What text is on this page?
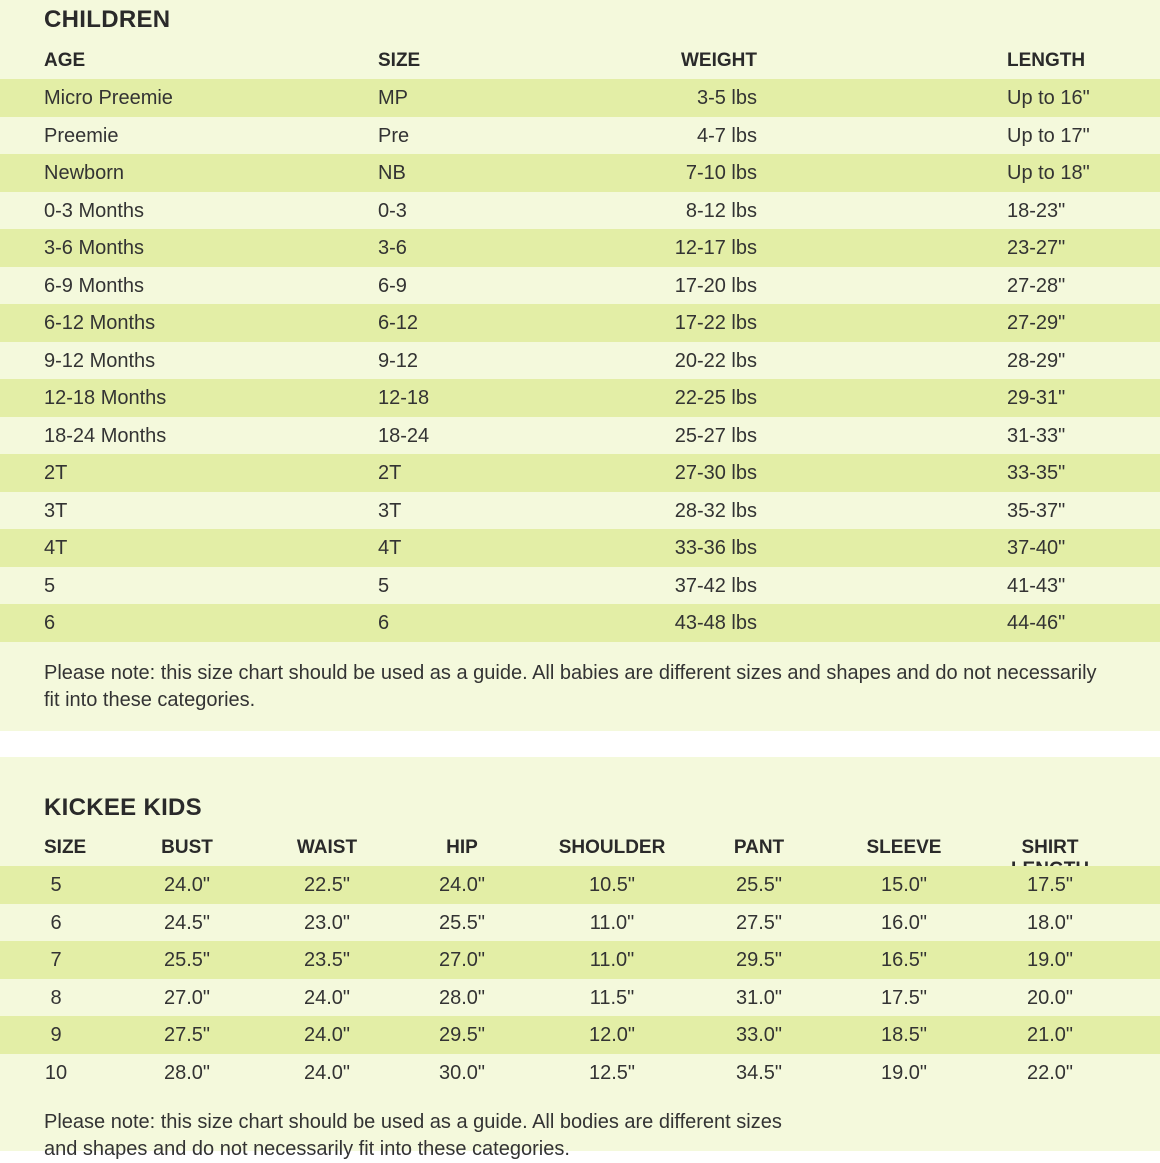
CHILDREN
AGE	SIZE	WEIGHT	LENGTH
Micro Preemie	MP	3-5 lbs	Up to 16"
Preemie	Pre	4-7 lbs	Up to 17"
Newborn	NB	7-10 lbs	Up to 18"
0-3 Months	0-3	8-12 lbs	18-23"
3-6 Months	3-6	12-17 lbs	23-27"
6-9 Months	6-9	17-20 lbs	27-28"
6-12 Months	6-12	17-22 lbs	27-29"
9-12 Months	9-12	20-22 lbs	28-29"
12-18 Months	12-18	22-25 lbs	29-31"
18-24 Months	18-24	25-27 lbs	31-33"
2T	2T	27-30 lbs	33-35"
3T	3T	28-32 lbs	35-37"
4T	4T	33-36 lbs	37-40"
5	5	37-42 lbs	41-43"
6	6	43-48 lbs	44-46"
Please note: this size chart should be used as a guide. All babies are different sizes and shapes and do not necessarily fit into these categories.
KICKEE KIDS
SIZE	BUST	WAIST	HIP	SHOULDER	PANT	SLEEVE	SHIRT
5	24.0"	22.5"	24.0"	10.5"	25.5"	15.0"	17.5"
6	24.5"	23.0"	25.5"	11.0"	27.5"	16.0"	18.0"
7	25.5"	23.5"	27.0"	11.0"	29.5"	16.5"	19.0"
8	27.0"	24.0"	28.0"	11.5"	31.0"	17.5"	20.0"
9	27.5"	24.0"	29.5"	12.0"	33.0"	18.5"	21.0"
10	28.0"	24.0"	30.0"	12.5"	34.5"	19.0"	22.0"
Please note: this size chart should be used as a guide. All bodies are different sizes and shapes and do not necessarily fit into these categories.
